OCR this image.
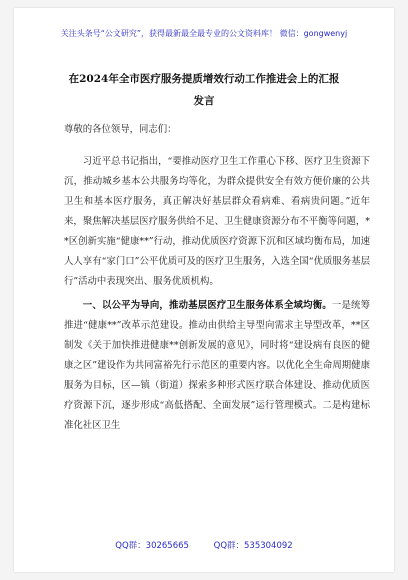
关注头条号“公文研究”，获得最新最全最专业的公文资料库！ 微信：gongwenyj
在2024年全市医疗服务提质增效行动工作推进会上的汇报
发言

尊敬的各位领导，同志们：

习近平总书记指出，“要推动医疗卫生工作重心下移、医疗卫生资源下沉，推动城乡基本公共服务均等化，为群众提供安全有效方便价廉的公共卫生和基本医疗服务，真正解决好基层群众看病难、看病贵问题。”近年来，聚焦解决基层医疗服务供给不足、卫生健康资源分布不平衡等问题，**区创新实施“健康**”行动，推动优质医疗资源下沉和区域均衡布局，加速人人享有“家门口”公平优质可及的医疗卫生服务，入选全国“优质服务基层行”活动中表现突出、服务优质机构。

一、以公平为导向，推动基层医疗卫生服务体系全域均衡。一是统筹推进“健康**”改革示范建设。推动由供给主导型向需求主导型改革，**区制发《关于加快推进健康**创新发展的意见》，同时将“建设病有良医的健康之区”建设作为共同富裕先行示范区的重要内容。以优化全生命周期健康服务为目标，区—镇（街道）探索多种形式医疗联合体建设、推动优质医疗资源下沉，逐步形成“高低搭配、全面发展”运行管理模式。二是构建标准化社区卫生

QQ群：30265665	QQ群：535304092
